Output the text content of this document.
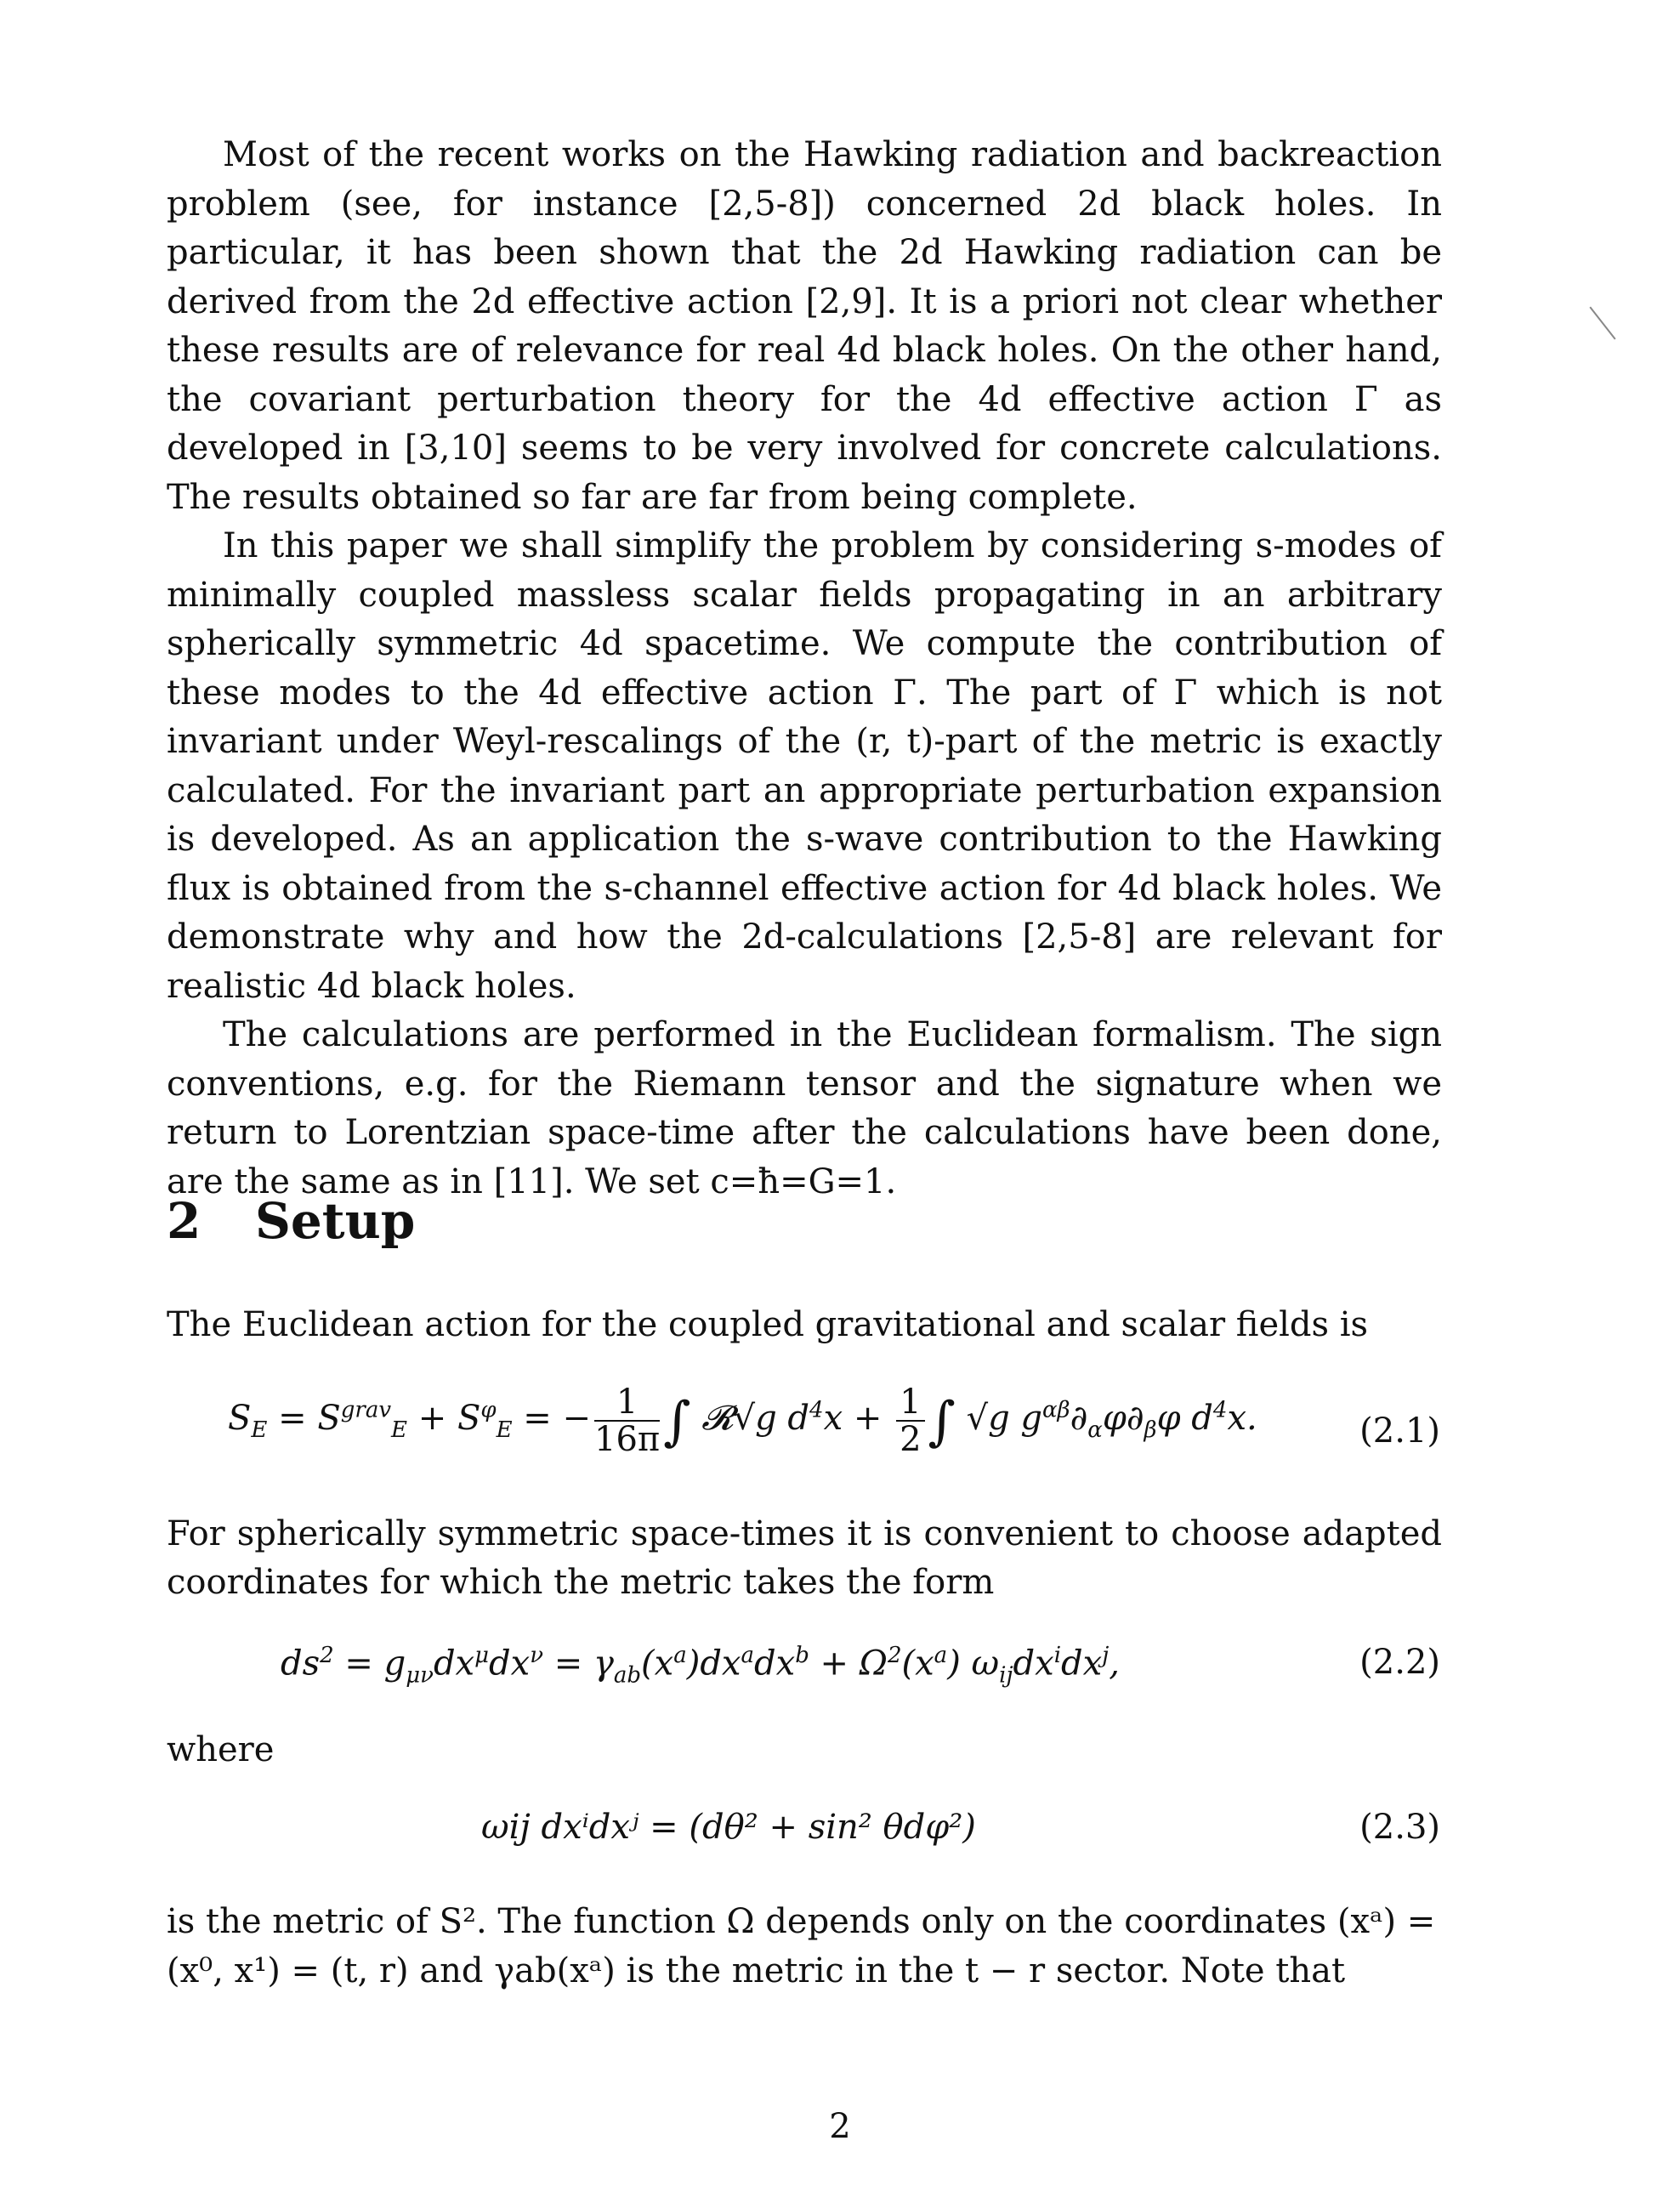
Most of the recent works on the Hawking radiation and backreaction problem (see, for instance [2,5-8]) concerned 2d black holes. In particular, it has been shown that the 2d Hawking radiation can be derived from the 2d effective action [2,9]. It is a priori not clear whether these results are of relevance for real 4d black holes. On the other hand, the covariant perturbation theory for the 4d effective action Γ as developed in [3,10] seems to be very involved for concrete calculations. The results obtained so far are far from being complete.

In this paper we shall simplify the problem by considering s-modes of minimally coupled massless scalar fields propagating in an arbitrary spherically symmetric 4d spacetime. We compute the contribution of these modes to the 4d effective action Γ. The part of Γ which is not invariant under Weyl-rescalings of the (r, t)-part of the metric is exactly calculated. For the invariant part an appropriate perturbation expansion is developed. As an application the s-wave contribution to the Hawking flux is obtained from the s-channel effective action for 4d black holes. We demonstrate why and how the 2d-calculations [2,5-8] are relevant for realistic 4d black holes.

The calculations are performed in the Euclidean formalism. The sign conventions, e.g. for the Riemann tensor and the signature when we return to Lorentzian space-time after the calculations have been done, are the same as in [11]. We set c=ħ=G=1.

2 Setup
The Euclidean action for the coupled gravitational and scalar fields is
$S_E = S^{grav}_E + S^\varphi_E$ = − $\frac{1}{16\pi}$ ∫ 𝓡√g $d^4x + \frac{1}{2}$ ∫ √g $g^{\alpha\beta}\partial_\alpha\varphi\partial_\beta\varphi$ $d^4x$.	(2.1)
For spherically symmetric space-times it is convenient to choose adapted coordinates for which the metric takes the form
$ds^2 = g_{\mu\nu}dx^\mu dx^\nu = \gamma_{ab}(x^a)dx^adx^b + \Omega^2(x^a)$ $\omega_{ij}dx^idx^j$,	(2.2)
where
ωij dxⁱdxʲ = (dθ² + sin² θdφ²)	(2.3)
is the metric of S². The function Ω depends only on the coordinates (xᵃ) =
(x⁰, x¹) = (t, r) and γab(xᵃ) is the metric in the t − r sector. Note that
2
